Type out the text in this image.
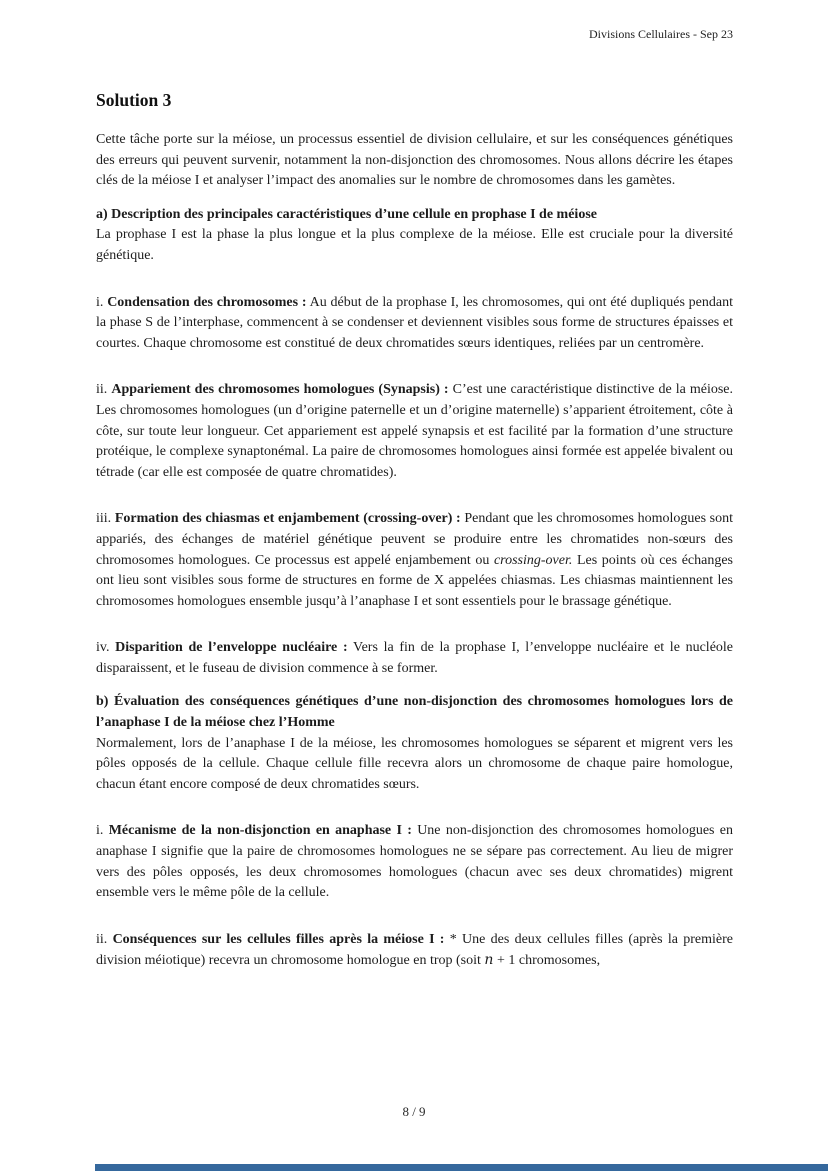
Divisions Cellulaires - Sep 23
Solution 3

Cette tâche porte sur la méiose, un processus essentiel de division cellulaire, et sur les conséquences génétiques des erreurs qui peuvent survenir, notamment la non-disjonction des chromosomes. Nous allons décrire les étapes clés de la méiose I et analyser l’impact des anomalies sur le nombre de chromosomes dans les gamètes.

a) Description des principales caractéristiques d’une cellule en prophase I de méiose

La prophase I est la phase la plus longue et la plus complexe de la méiose. Elle est cruciale pour la diversité génétique.

i. Condensation des chromosomes : Au début de la prophase I, les chromosomes, qui ont été dupliqués pendant la phase S de l’interphase, commencent à se condenser et deviennent visibles sous forme de structures épaisses et courtes. Chaque chromosome est constitué de deux chromatides sœurs identiques, reliées par un centromère.

ii. Appariement des chromosomes homologues (Synapsis) : C’est une caractéristique distinctive de la méiose. Les chromosomes homologues (un d’origine paternelle et un d’origine maternelle) s’apparient étroitement, côte à côte, sur toute leur longueur. Cet appariement est appelé synapsis et est facilité par la formation d’une structure protéique, le complexe synaptonémal. La paire de chromosomes homologues ainsi formée est appelée bivalent ou tétrade (car elle est composée de quatre chromatides).

iii. Formation des chiasmas et enjambement (crossing-over) : Pendant que les chromosomes homologues sont appariés, des échanges de matériel génétique peuvent se produire entre les chromatides non-sœurs des chromosomes homologues. Ce processus est appelé enjambement ou crossing-over. Les points où ces échanges ont lieu sont visibles sous forme de structures en forme de X appelées chiasmas. Les chiasmas maintiennent les chromosomes homologues ensemble jusqu’à l’anaphase I et sont essentiels pour le brassage génétique.

iv. Disparition de l’enveloppe nucléaire : Vers la fin de la prophase I, l’enveloppe nucléaire et le nucléole disparaissent, et le fuseau de division commence à se former.

b) Évaluation des conséquences génétiques d’une non-disjonction des chromosomes homologues lors de l’anaphase I de la méiose chez l’Homme

Normalement, lors de l’anaphase I de la méiose, les chromosomes homologues se séparent et migrent vers les pôles opposés de la cellule. Chaque cellule fille recevra alors un chromosome de chaque paire homologue, chacun étant encore composé de deux chromatides sœurs.

i. Mécanisme de la non-disjonction en anaphase I : Une non-disjonction des chromosomes homologues en anaphase I signifie que la paire de chromosomes homologues ne se sépare pas correctement. Au lieu de migrer vers des pôles opposés, les deux chromosomes homologues (chacun avec ses deux chromatides) migrent ensemble vers le même pôle de la cellule.

ii. Conséquences sur les cellules filles après la méiose I : * Une des deux cellules filles (après la première division méiotique) recevra un chromosome homologue en trop (soit n + 1 chromosomes,

8 / 9
